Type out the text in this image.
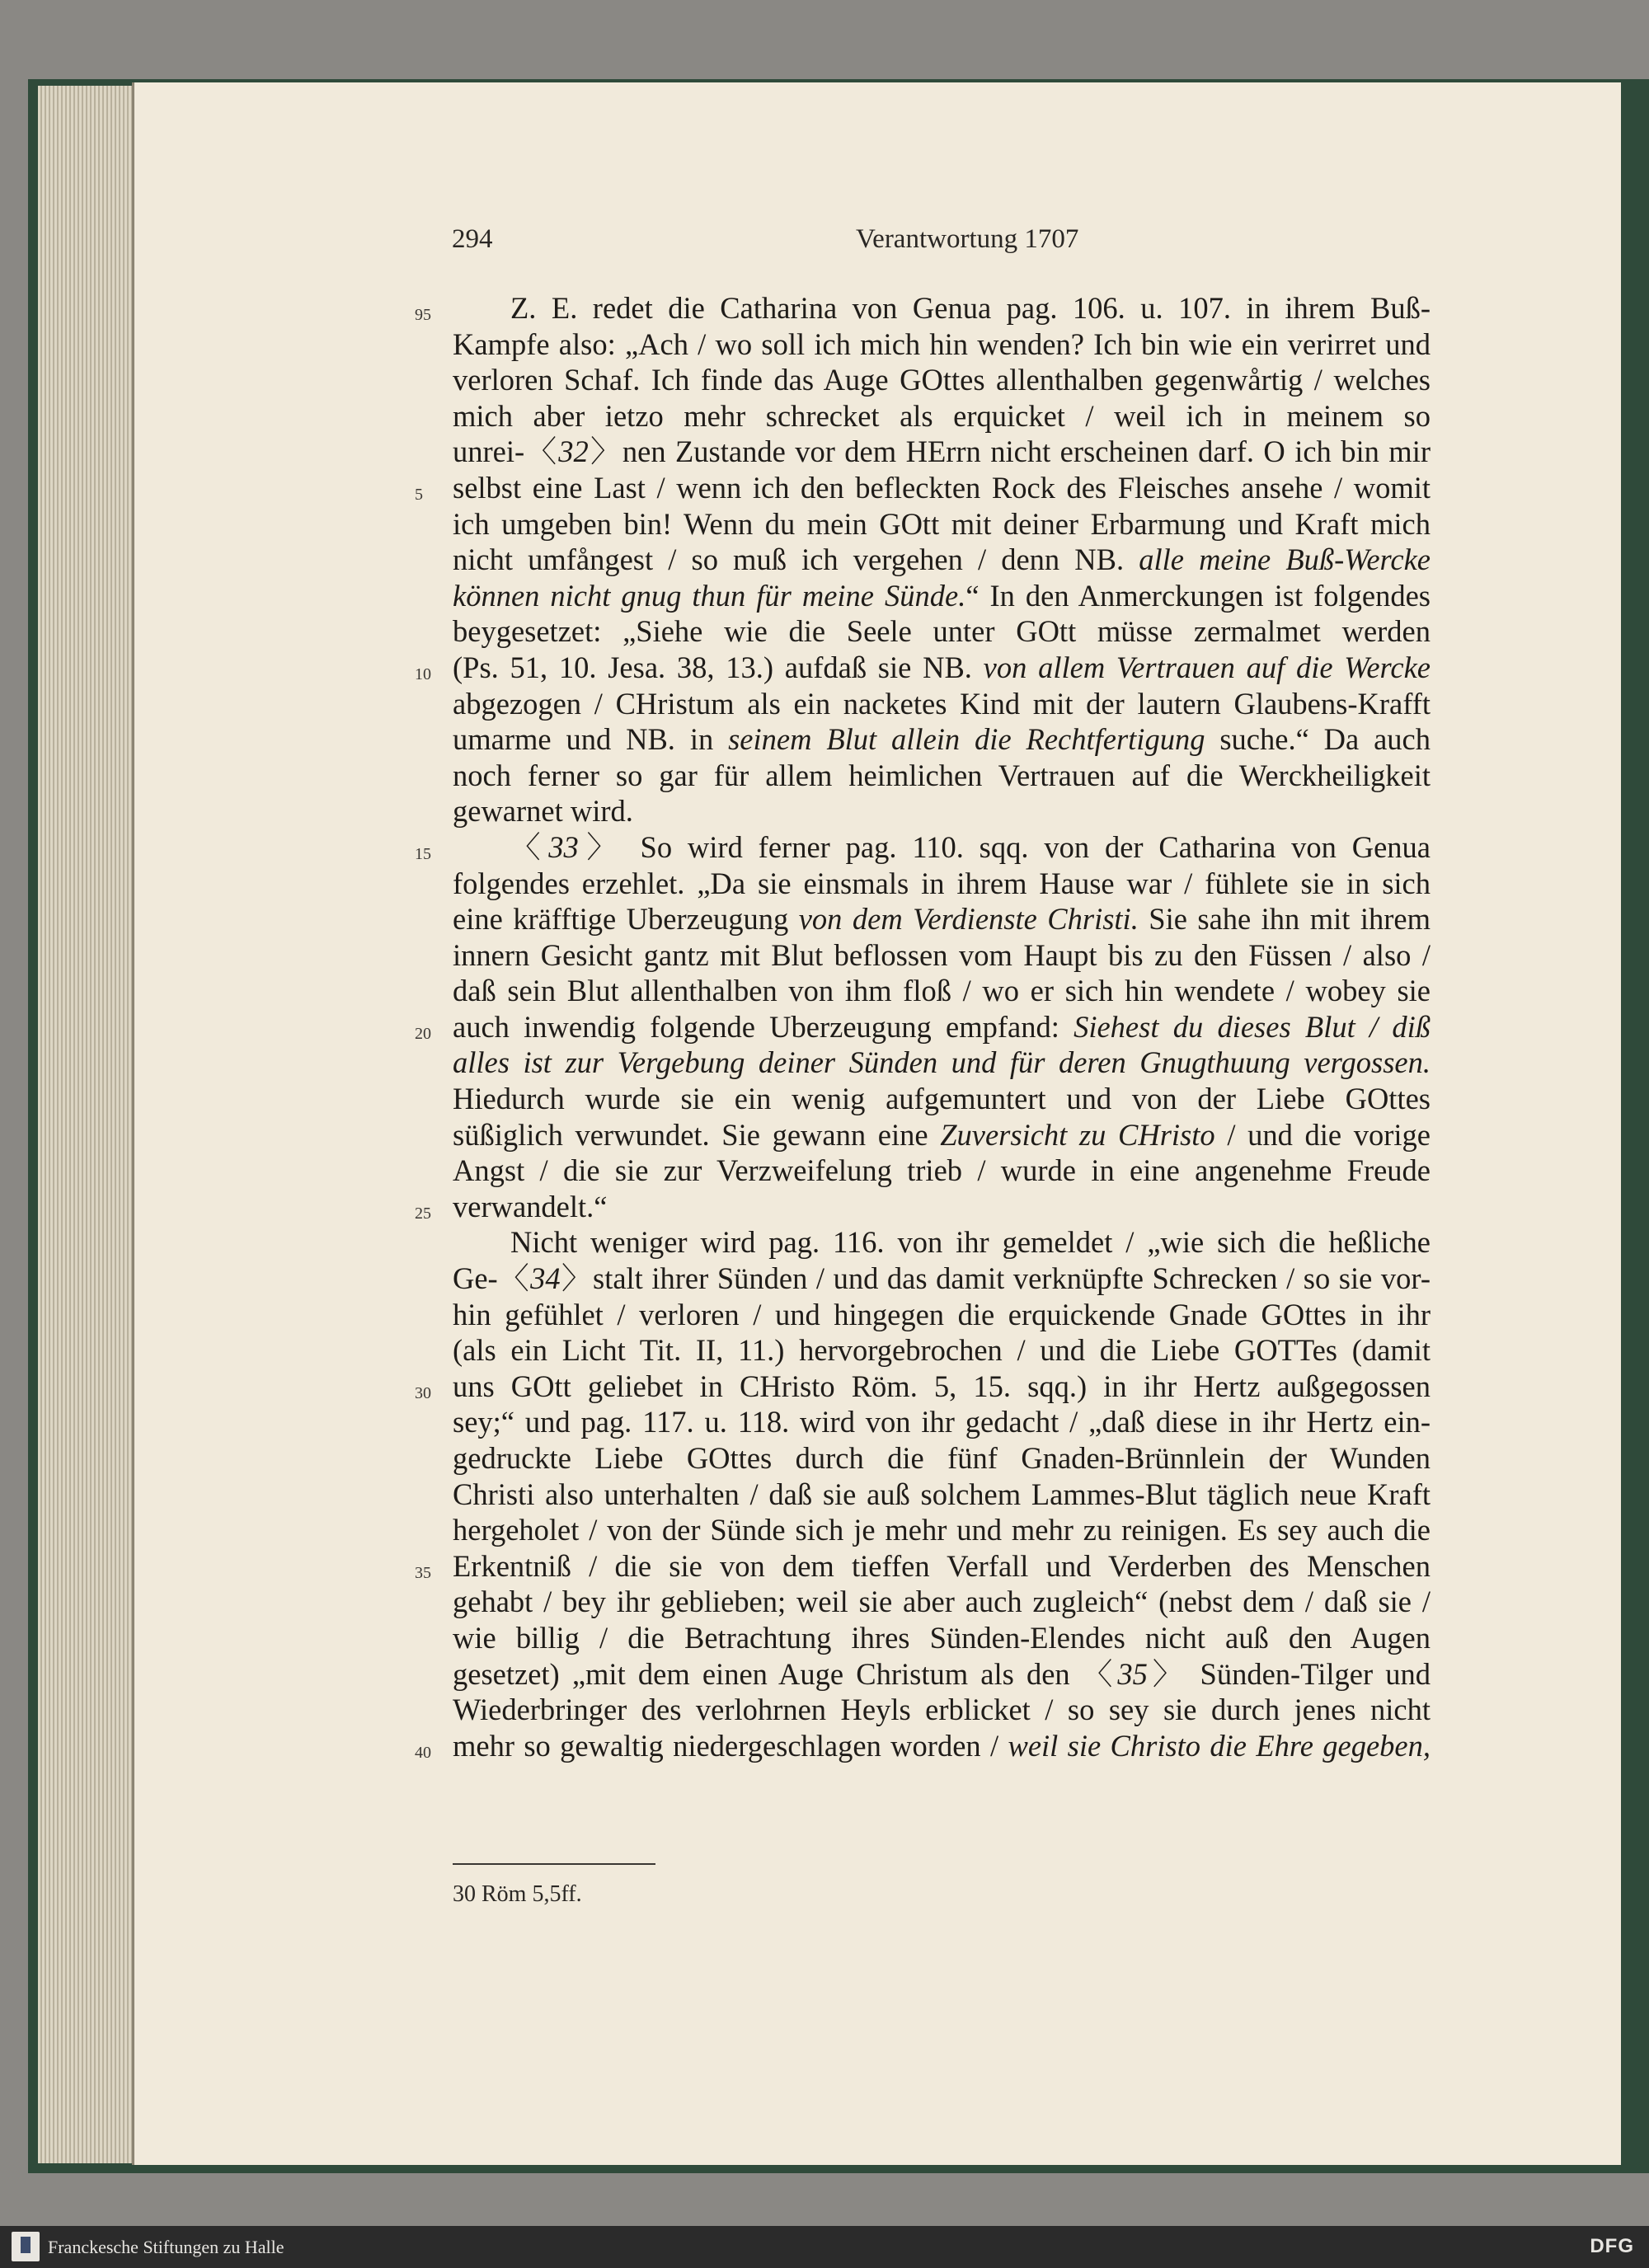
294	Verantwortung 1707
Z. E. redet die Catharina von Genua pag. 106. u. 107. in ihrem Buß-
95
Kampfe also: „Ach / wo soll ich mich hin wenden? Ich bin wie ein verirret und
verloren Schaf. Ich finde das Auge GOttes allenthalben gegenwårtig / welches
mich aber ietzo mehr schrecket als erquicket / weil ich in meinem so
unrei-〈32〉nen Zustande vor dem HErrn nicht erscheinen darf. O ich bin mir
selbst eine Last / wenn ich den befleckten Rock des Fleisches ansehe / womit
5
ich umgeben bin! Wenn du mein GOtt mit deiner Erbarmung und Kraft mich
nicht umfångest / so muß ich vergehen / denn NB. alle meine Buß-Wercke
können nicht gnug thun für meine Sünde.“ In den Anmerckungen ist folgendes
beygesetzet: „Siehe wie die Seele unter GOtt müsse zermalmet werden
(Ps. 51, 10. Jesa. 38, 13.) aufdaß sie NB. von allem Vertrauen auf die Wercke
10
abgezogen / CHristum als ein nacketes Kind mit der lautern Glaubens-Krafft
umarme und NB. in seinem Blut allein die Rechtfertigung suche.“ Da auch
noch ferner so gar für allem heimlichen Vertrauen auf die Werckheiligkeit
gewarnet wird.
〈33〉 So wird ferner pag. 110. sqq. von der Catharina von Genua
15
folgendes erzehlet. „Da sie einsmals in ihrem Hause war / fühlete sie in sich
eine kräfftige Uberzeugung von dem Verdienste Christi. Sie sahe ihn mit ihrem
innern Gesicht gantz mit Blut beflossen vom Haupt bis zu den Füssen / also /
daß sein Blut allenthalben von ihm floß / wo er sich hin wendete / wobey sie
auch inwendig folgende Uberzeugung empfand: Siehest du dieses Blut / diß
20
alles ist zur Vergebung deiner Sünden und für deren Gnugthuung vergossen.
Hiedurch wurde sie ein wenig aufgemuntert und von der Liebe GOttes
süßiglich verwundet. Sie gewann eine Zuversicht zu CHristo / und die vorige
Angst / die sie zur Verzweifelung trieb / wurde in eine angenehme Freude
verwandelt.“
25
Nicht weniger wird pag. 116. von ihr gemeldet / „wie sich die heßliche
Ge-〈34〉stalt ihrer Sünden / und das damit verknüpfte Schrecken / so sie vor-
hin gefühlet / verloren / und hingegen die erquickende Gnade GOttes in ihr
(als ein Licht Tit. II, 11.) hervorgebrochen / und die Liebe GOTTes (damit
uns GOtt geliebet in CHristo Röm. 5, 15. sqq.) in ihr Hertz außgegossen
30
sey;“ und pag. 117. u. 118. wird von ihr gedacht / „daß diese in ihr Hertz ein-
gedruckte Liebe GOttes durch die fünf Gnaden-Brünnlein der Wunden
Christi also unterhalten / daß sie auß solchem Lammes-Blut täglich neue Kraft
hergeholet / von der Sünde sich je mehr und mehr zu reinigen. Es sey auch die
Erkentniß / die sie von dem tieffen Verfall und Verderben des Menschen
35
gehabt / bey ihr geblieben; weil sie aber auch zugleich“ (nebst dem / daß sie /
wie billig / die Betrachtung ihres Sünden-Elendes nicht auß den Augen
gesetzet) „mit dem einen Auge Christum als den 〈35〉 Sünden-Tilger und
Wiederbringer des verlohrnen Heyls erblicket / so sey sie durch jenes nicht
mehr so gewaltig niedergeschlagen worden / weil sie Christo die Ehre gegeben,
40
30 Röm 5,5ff.
Franckesche Stiftungen zu Halle	DFG
